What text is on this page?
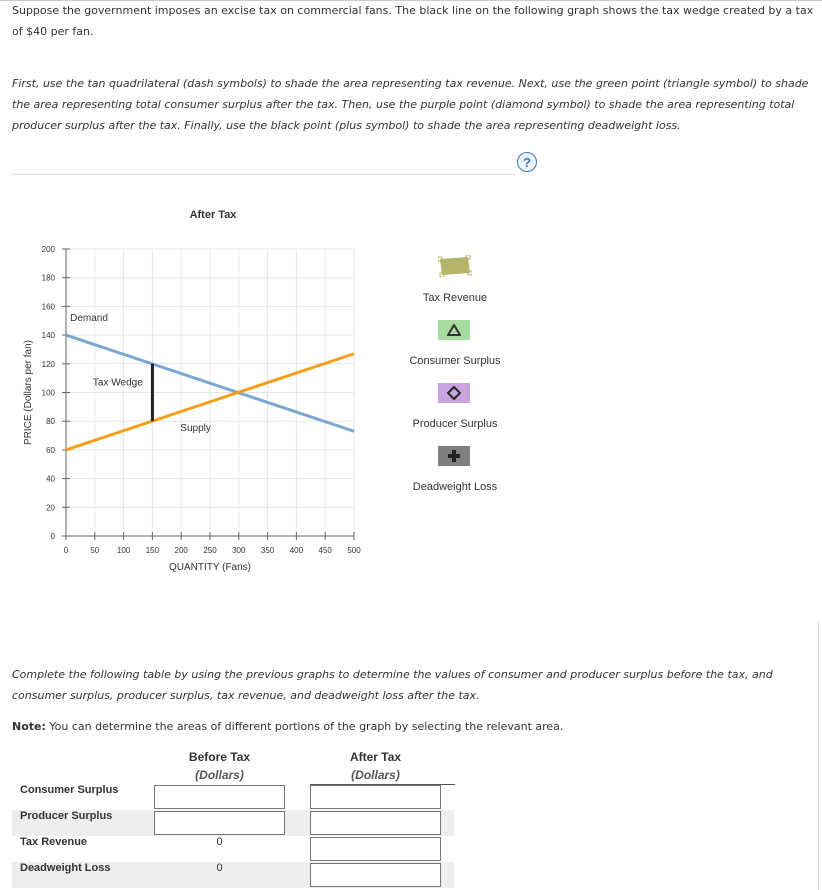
Suppose the government imposes an excise tax on commercial fans. The black line on the following graph shows the tax wedge created by a tax of $40 per fan.
First, use the tan quadrilateral (dash symbols) to shade the area representing tax revenue. Next, use the green point (triangle symbol) to shade the area representing total consumer surplus after the tax. Then, use the purple point (diamond symbol) to shade the area representing total producer surplus after the tax. Finally, use the black point (plus symbol) to shade the area representing deadweight loss.
?
0
20
40
60
80
100
120
140
160
180
200
0	50 100 150 200 250 300 350 400 450 500
After Tax
QUANTITY (Fans)
PRICE (Dollars per fan)
Demand
Tax Wedge
Supply
Tax Revenue
Consumer Surplus
Producer Surplus
Deadweight Loss
Complete the following table by using the previous graphs to determine the values of consumer and producer surplus before the tax, and consumer surplus, producer surplus, tax revenue, and deadweight loss after the tax.
Note: You can determine the areas of different portions of the graph by selecting the relevant area.
Before Tax
(Dollars)
After Tax
(Dollars)
Consumer Surplus
Producer Surplus
Tax Revenue	0
Deadweight Loss	0
